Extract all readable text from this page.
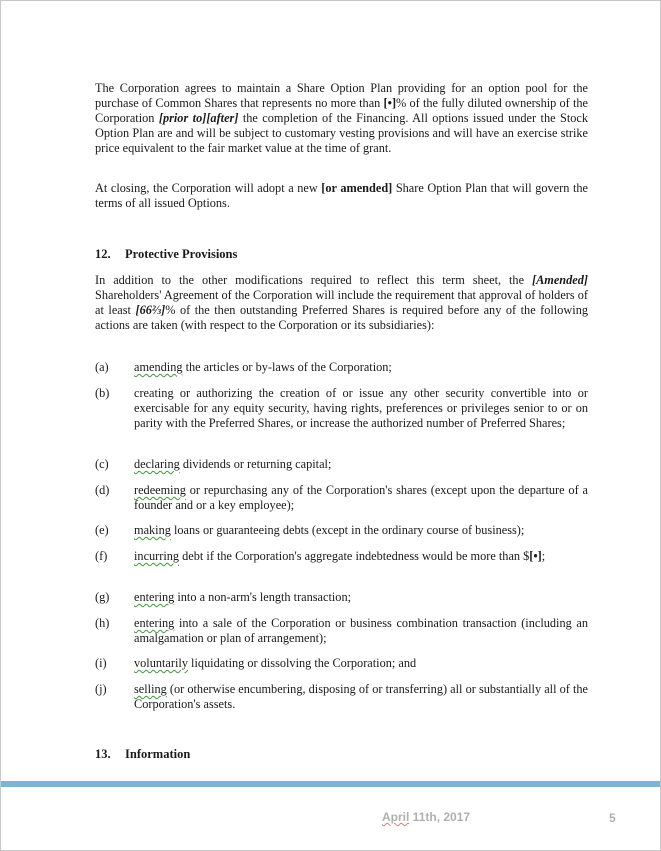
The Corporation agrees to maintain a Share Option Plan providing for an option pool for the purchase of Common Shares that represents no more than [•]% of the fully diluted ownership of the Corporation [prior to][after] the completion of the Financing. All options issued under the Stock Option Plan are and will be subject to customary vesting provisions and will have an exercise strike price equivalent to the fair market value at the time of grant.

At closing, the Corporation will adopt a new [or amended] Share Option Plan that will govern the terms of all issued Options.

12. Protective Provisions

In addition to the other modifications required to reflect this term sheet, the [Amended] Shareholders' Agreement of the Corporation will include the requirement that approval of holders of at least [66⅔]% of the then outstanding Preferred Shares is required before any of the following actions are taken (with respect to the Corporation or its subsidiaries):

(a)	amending the articles or by-laws of the Corporation;
(b)	creating or authorizing the creation of or issue any other security convertible into or exercisable for any equity security, having rights, preferences or privileges senior to or on parity with the Preferred Shares, or increase the authorized number of Preferred Shares;
(c)	declaring dividends or returning capital;
(d)	redeeming or repurchasing any of the Corporation's shares (except upon the departure of a founder and or a key employee);
(e)	making loans or guaranteeing debts (except in the ordinary course of business);
(f)	incurring debt if the Corporation's aggregate indebtedness would be more than $[•];
(g)	entering into a non-arm's length transaction;
(h)	entering into a sale of the Corporation or business combination transaction (including an amalgamation or plan of arrangement);
(i)	voluntarily liquidating or dissolving the Corporation; and
(j)	selling (or otherwise encumbering, disposing of or transferring) all or substantially all of the Corporation's assets.
13. Information
April 11th, 2017	5
